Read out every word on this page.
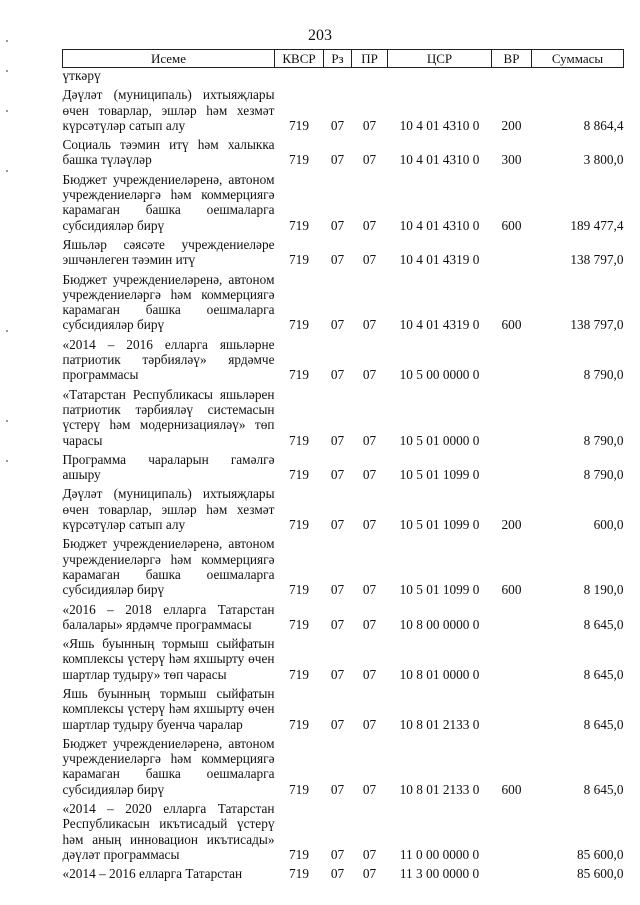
203
Исеме	КВСР	Рз	ПР	ЦСР	ВР	Суммасы
үткәрү						
Дәүләт (муниципаль) ихтыяҗлары өчен товарлар, эшләр һәм хезмәт күрсәтүләр сатып алу	719	07	07	10 4 01 4310 0	200	8 864,4
Социаль тәэмин итү һәм халыкка башка түләүләр	719	07	07	10 4 01 4310 0	300	3 800,0
Бюджет учреждениеләренә, автоном учреждениеләргә һәм коммерциягә карамаган башка оешмаларга субсидияләр бирү	719	07	07	10 4 01 4310 0	600	189 477,4
Яшьләр сәясәте учреждениеләре эшчәнлеген тәэмин итү	719	07	07	10 4 01 4319 0		138 797,0
Бюджет учреждениеләренә, автоном учреждениеләргә һәм коммерциягә карамаган башка оешмаларга субсидияләр бирү	719	07	07	10 4 01 4319 0	600	138 797,0
«2014 – 2016 елларга яшьләрне патриотик тәрбияләү» ярдәмче программасы	719	07	07	10 5 00 0000 0		8 790,0
«Татарстан Республикасы яшьләрен патриотик тәрбияләү системасын үстерү һәм модернизацияләү» төп чарасы	719	07	07	10 5 01 0000 0		8 790,0
Программа чараларын гамәлгә ашыру	719	07	07	10 5 01 1099 0		8 790,0
Дәүләт (муниципаль) ихтыяҗлары өчен товарлар, эшләр һәм хезмәт күрсәтүләр сатып алу	719	07	07	10 5 01 1099 0	200	600,0
Бюджет учреждениеләренә, автоном учреждениеләргә һәм коммерциягә карамаган башка оешмаларга субсидияләр бирү	719	07	07	10 5 01 1099 0	600	8 190,0
«2016 – 2018 елларга Татарстан балалары» ярдәмче программасы	719	07	07	10 8 00 0000 0		8 645,0
«Яшь буынның тормыш сыйфатын комплексы үстерү һәм яхшырту өчен шартлар тудыру» төп чарасы	719	07	07	10 8 01 0000 0		8 645,0
Яшь буынның тормыш сыйфатын комплексы үстерү һәм яхшырту өчен шартлар тудыру буенча чаралар	719	07	07	10 8 01 2133 0		8 645,0
Бюджет учреждениеләренә, автоном учреждениеләргә һәм коммерциягә карамаган башка оешмаларга субсидияләр бирү	719	07	07	10 8 01 2133 0	600	8 645,0
«2014 – 2020 елларга Татарстан Республикасын икътисадый үстерү һәм аның инновацион икътисады» дәүләт программасы	719	07	07	11 0 00 0000 0		85 600,0
«2014 – 2016 елларга Татарстан	719	07	07	11 3 00 0000 0		85 600,0
